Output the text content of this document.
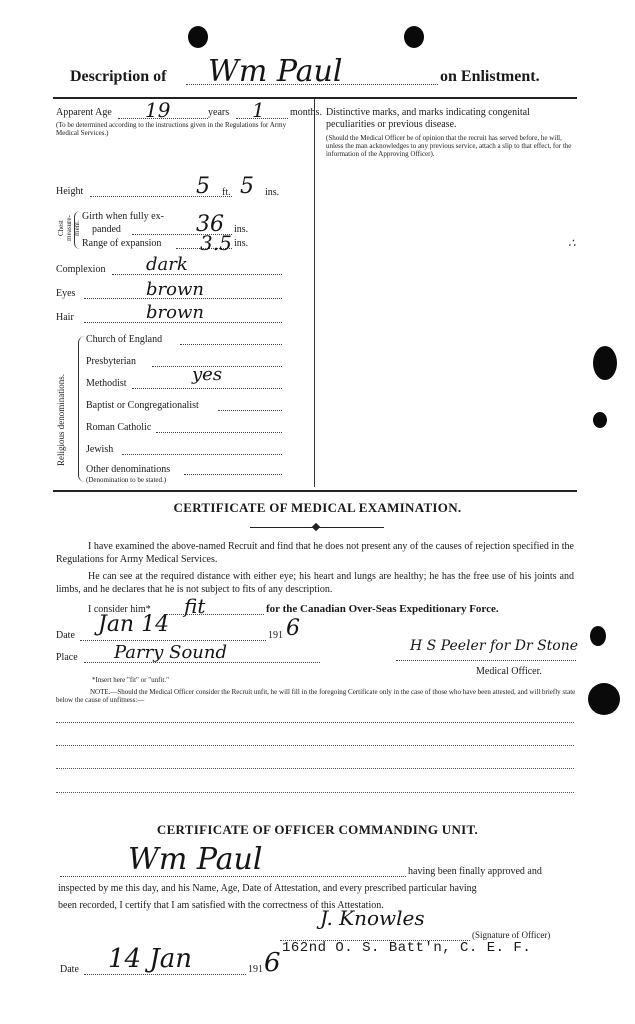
Description of Wm Paul	on Enlistment.
Apparent Age 19	years 1	months.
(To be determined according to the instructions given in the Regulations for Army Medical Services.)
Height	5 ft. 5 ins.
Chest measure-ment.
Girth when fully ex-
panded	36 ins.
Range of expansion 3.5 ins.
Complexion dark
Eyes	brown
Hair	brown
Religious denominations.
Church of England
Presbyterian
Methodist	yes
Baptist or Congregationalist
Roman Catholic
Jewish
Other denominations
(Denomination to be stated.)
Distinctive marks, and marks indicating congenital peculiarities or previous disease.
(Should the Medical Officer be of opinion that the recruit has served before, he will, unless the man acknowledges to any previous service, attach a slip to that effect, for the information of the Approving Officer).
∴
CERTIFICATE OF MEDICAL EXAMINATION.
I have examined the above-named Recruit and find that he does not present any of the causes of rejection specified in the Regulations for Army Medical Services.
He can see at the required distance with either eye; his heart and lungs are healthy; he has the free use of his joints and limbs, and he declares that he is not subject to fits of any description.
I consider him* fit	for the Canadian Over-Seas Expeditionary Force.
Date Jan 14	191 6
Place Parry Sound	H S Peeler for Dr Stone
Medical Officer.
*Insert here "fit" or "unfit."
NOTE.—Should the Medical Officer consider the Recruit unfit, he will fill in the foregoing Certificate only in the case of those who have been attested, and will briefly state below the cause of unfitness:—
CERTIFICATE OF OFFICER COMMANDING UNIT.
Wm Paul	having been finally approved and
inspected by me this day, and his Name, Age, Date of Attestation, and every prescribed particular having
been recorded, I certify that I am satisfied with the correctness of this Attestation.
J. Knowles
(Signature of Officer)
162nd O. S. Batt'n, C. E. F.
Date 14 Jan	191 6
